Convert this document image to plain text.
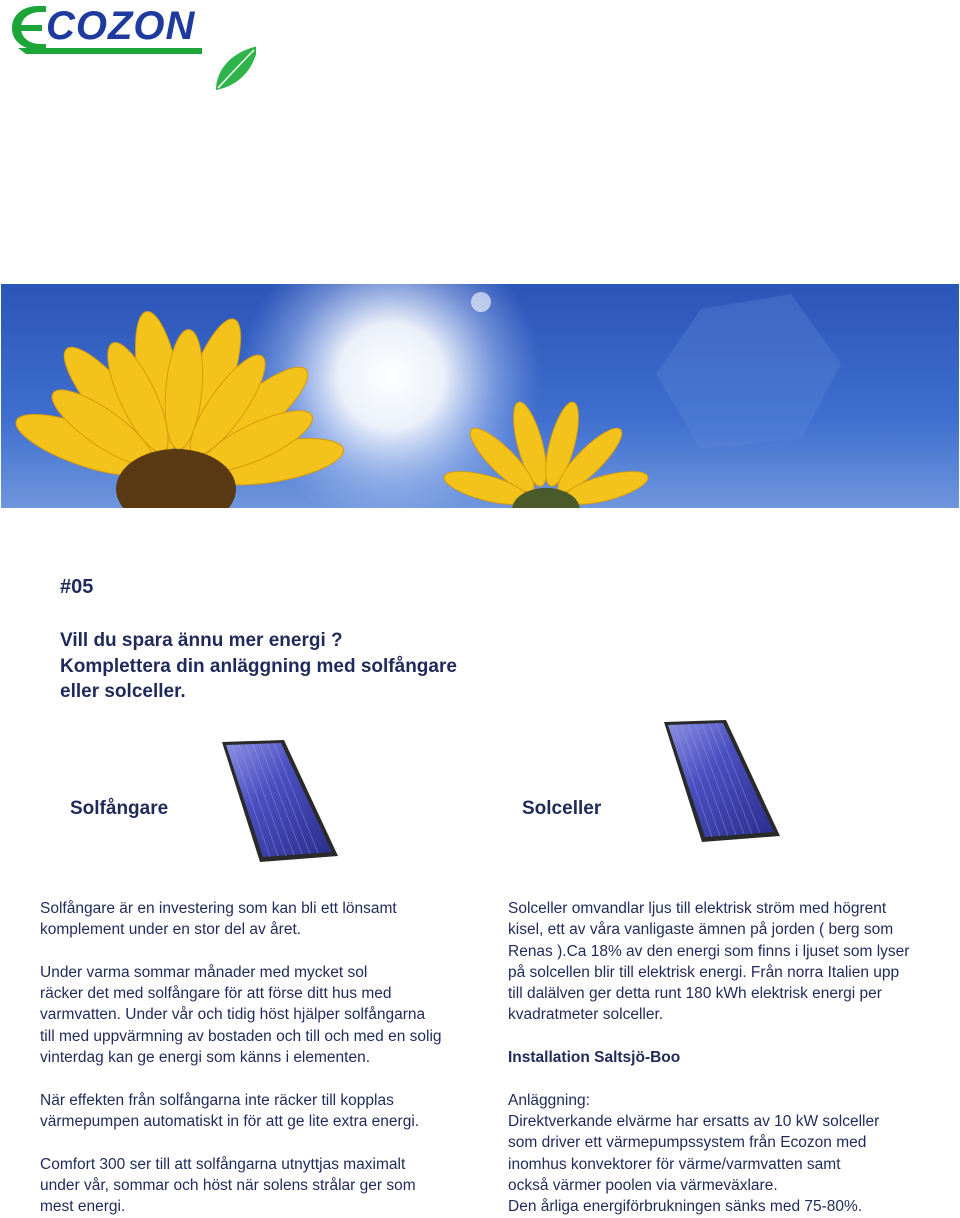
COZON
#05
Vill du spara ännu mer energi ?
Komplettera din anläggning med solfångare
eller solceller.
Solfångare	Solceller
Solfångare är en investering som kan bli ett lönsamt
komplement under en stor del av året.
Under varma sommar månader med mycket sol
räcker det med solfångare för att förse ditt hus med
varmvatten. Under vår och tidig höst hjälper solfångarna
till med uppvärmning av bostaden och till och med en solig
vinterdag kan ge energi som känns i elementen.
När effekten från solfångarna inte räcker till kopplas
värmepumpen automatiskt in för att ge lite extra energi.
Comfort 300 ser till att solfångarna utnyttjas maximalt
under vår, sommar och höst när solens strålar ger som
mest energi.
Solceller omvandlar ljus till elektrisk ström med högrent
kisel, ett av våra vanligaste ämnen på jorden ( berg som
Renas ).Ca 18% av den energi som finns i ljuset som lyser
på solcellen blir till elektrisk energi. Från norra Italien upp
till dalälven ger detta runt 180 kWh elektrisk energi per
kvadratmeter solceller.
Installation Saltsjö-Boo
Anläggning:
Direktverkande elvärme har ersatts av 10 kW solceller
som driver ett värmepumpssystem från Ecozon med
inomhus konvektorer för värme/varmvatten samt
också värmer poolen via värmeväxlare.
Den årliga energiförbrukningen sänks med 75-80%.
